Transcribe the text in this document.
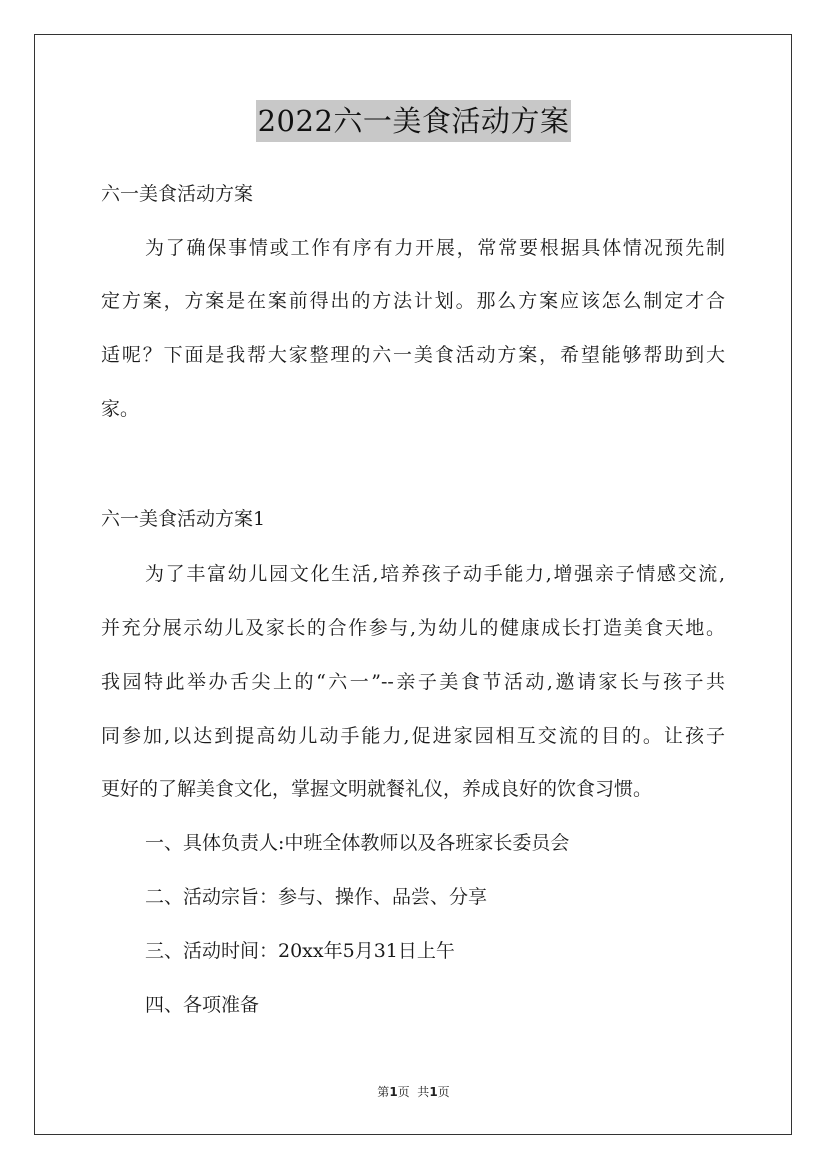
2022六一美食活动方案
六一美食活动方案
为了确保事情或工作有序有力开展，常常要根据具体情况预先制
定方案，方案是在案前得出的方法计划。那么方案应该怎么制定才合
适呢？下面是我帮大家整理的六一美食活动方案，希望能够帮助到大
家。
六一美食活动方案1
为了丰富幼儿园文化生活,培养孩子动手能力,增强亲子情感交流,
并充分展示幼儿及家长的合作参与,为幼儿的健康成长打造美食天地。
我园特此举办舌尖上的“六一”--亲子美食节活动,邀请家长与孩子共
同参加,以达到提高幼儿动手能力,促进家园相互交流的目的。让孩子
更好的了解美食文化，掌握文明就餐礼仪，养成良好的饮食习惯。
一、具体负责人:中班全体教师以及各班家长委员会
二、活动宗旨：参与、操作、品尝、分享
三、活动时间：20xx年5月31日上午
四、各项准备
第1页  共1页
